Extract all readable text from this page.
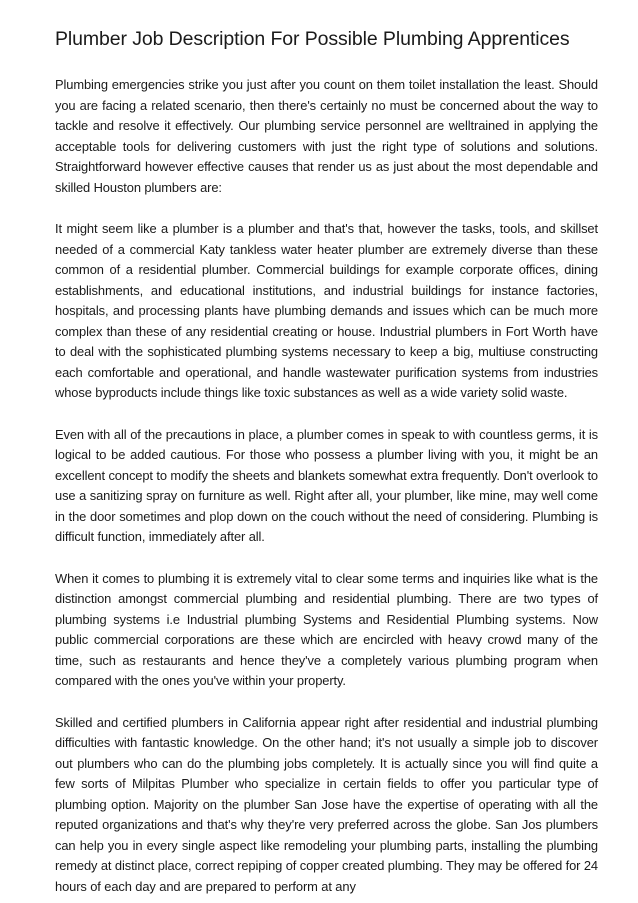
Plumber Job Description For Possible Plumbing Apprentices

Plumbing emergencies strike you just after you count on them toilet installation the least. Should you are facing a related scenario, then there's certainly no must be concerned about the way to tackle and resolve it effectively. Our plumbing service personnel are welltrained in applying the acceptable tools for delivering customers with just the right type of solutions and solutions. Straightforward however effective causes that render us as just about the most dependable and skilled Houston plumbers are:

It might seem like a plumber is a plumber and that's that, however the tasks, tools, and skillset needed of a commercial Katy tankless water heater plumber are extremely diverse than these common of a residential plumber. Commercial buildings for example corporate offices, dining establishments, and educational institutions, and industrial buildings for instance factories, hospitals, and processing plants have plumbing demands and issues which can be much more complex than these of any residential creating or house. Industrial plumbers in Fort Worth have to deal with the sophisticated plumbing systems necessary to keep a big, multiuse constructing each comfortable and operational, and handle wastewater purification systems from industries whose byproducts include things like toxic substances as well as a wide variety solid waste.

Even with all of the precautions in place, a plumber comes in speak to with countless germs, it is logical to be added cautious. For those who possess a plumber living with you, it might be an excellent concept to modify the sheets and blankets somewhat extra frequently. Don't overlook to use a sanitizing spray on furniture as well. Right after all, your plumber, like mine, may well come in the door sometimes and plop down on the couch without the need of considering. Plumbing is difficult function, immediately after all.

When it comes to plumbing it is extremely vital to clear some terms and inquiries like what is the distinction amongst commercial plumbing and residential plumbing. There are two types of plumbing systems i.e Industrial plumbing Systems and Residential Plumbing systems. Now public commercial corporations are these which are encircled with heavy crowd many of the time, such as restaurants and hence they've a completely various plumbing program when compared with the ones you've within your property.

Skilled and certified plumbers in California appear right after residential and industrial plumbing difficulties with fantastic knowledge. On the other hand; it's not usually a simple job to discover out plumbers who can do the plumbing jobs completely. It is actually since you will find quite a few sorts of Milpitas Plumber who specialize in certain fields to offer you particular type of plumbing option. Majority on the plumber San Jose have the expertise of operating with all the reputed organizations and that's why they're very preferred across the globe. San Jos plumbers can help you in every single aspect like remodeling your plumbing parts, installing the plumbing remedy at distinct place, correct repiping of copper created plumbing. They may be offered for 24 hours of each day and are prepared to perform at any
